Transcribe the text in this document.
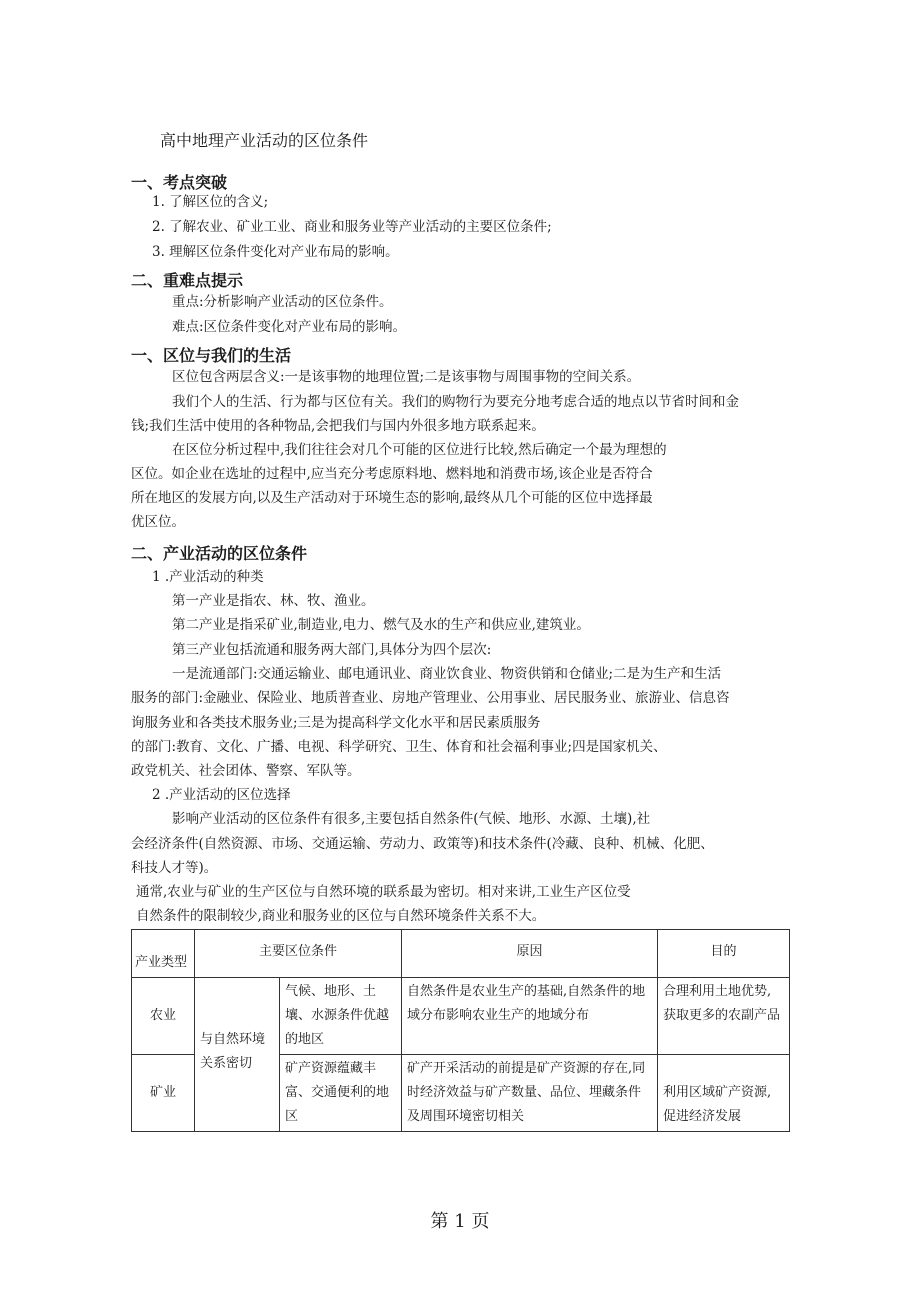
高中地理产业活动的区位条件
一、考点突破
1. 了解区位的含义;
2. 了解农业、矿业工业、商业和服务业等产业活动的主要区位条件;
3. 理解区位条件变化对产业布局的影响。
二、重难点提示
重点:分析影响产业活动的区位条件。
难点:区位条件变化对产业布局的影响。
一、区位与我们的生活
区位包含两层含义:一是该事物的地理位置;二是该事物与周围事物的空间关系。
我们个人的生活、行为都与区位有关。我们的购物行为要充分地考虑合适的地点以节省时间和金
钱;我们生活中使用的各种物品,会把我们与国内外很多地方联系起来。
在区位分析过程中,我们往往会对几个可能的区位进行比较,然后确定一个最为理想的
区位。如企业在选址的过程中,应当充分考虑原料地、燃料地和消费市场,该企业是否符合
所在地区的发展方向,以及生产活动对于环境生态的影响,最终从几个可能的区位中选择最
优区位。
二、产业活动的区位条件
1 .产业活动的种类
第一产业是指农、林、牧、渔业。
第二产业是指采矿业,制造业,电力、燃气及水的生产和供应业,建筑业。
第三产业包括流通和服务两大部门,具体分为四个层次:
一是流通部门:交通运输业、邮电通讯业、商业饮食业、物资供销和仓储业;二是为生产和生活
服务的部门:金融业、保险业、地质普查业、房地产管理业、公用事业、居民服务业、旅游业、信息咨
询服务业和各类技术服务业;三是为提高科学文化水平和居民素质服务
的部门:教育、文化、广播、电视、科学研究、卫生、体育和社会福利事业;四是国家机关、
政党机关、社会团体、警察、军队等。
2 .产业活动的区位选择
影响产业活动的区位条件有很多,主要包括自然条件(气候、地形、水源、土壤),社
会经济条件(自然资源、市场、交通运输、劳动力、政策等)和技术条件(冷藏、良种、机械、化肥、
科技人才等)。
通常,农业与矿业的生产区位与自然环境的联系最为密切。相对来讲,工业生产区位受
自然条件的限制较少,商业和服务业的区位与自然环境条件关系不大。
产业类型	主要区位条件		原因	目的
农业	与自然环境关系密切	气候、地形、土壤、水源条件优越的地区	自然条件是农业生产的基础,自然条件的地域分布影响农业生产的地域分布	合理利用土地优势,获取更多的农副产品
矿业		矿产资源蕴藏丰富、交通便利的地区	矿产开采活动的前提是矿产资源的存在,同时经济效益与矿产数量、品位、埋藏条件及周围环境密切相关	利用区域矿产资源,促进经济发展
第 1 页
